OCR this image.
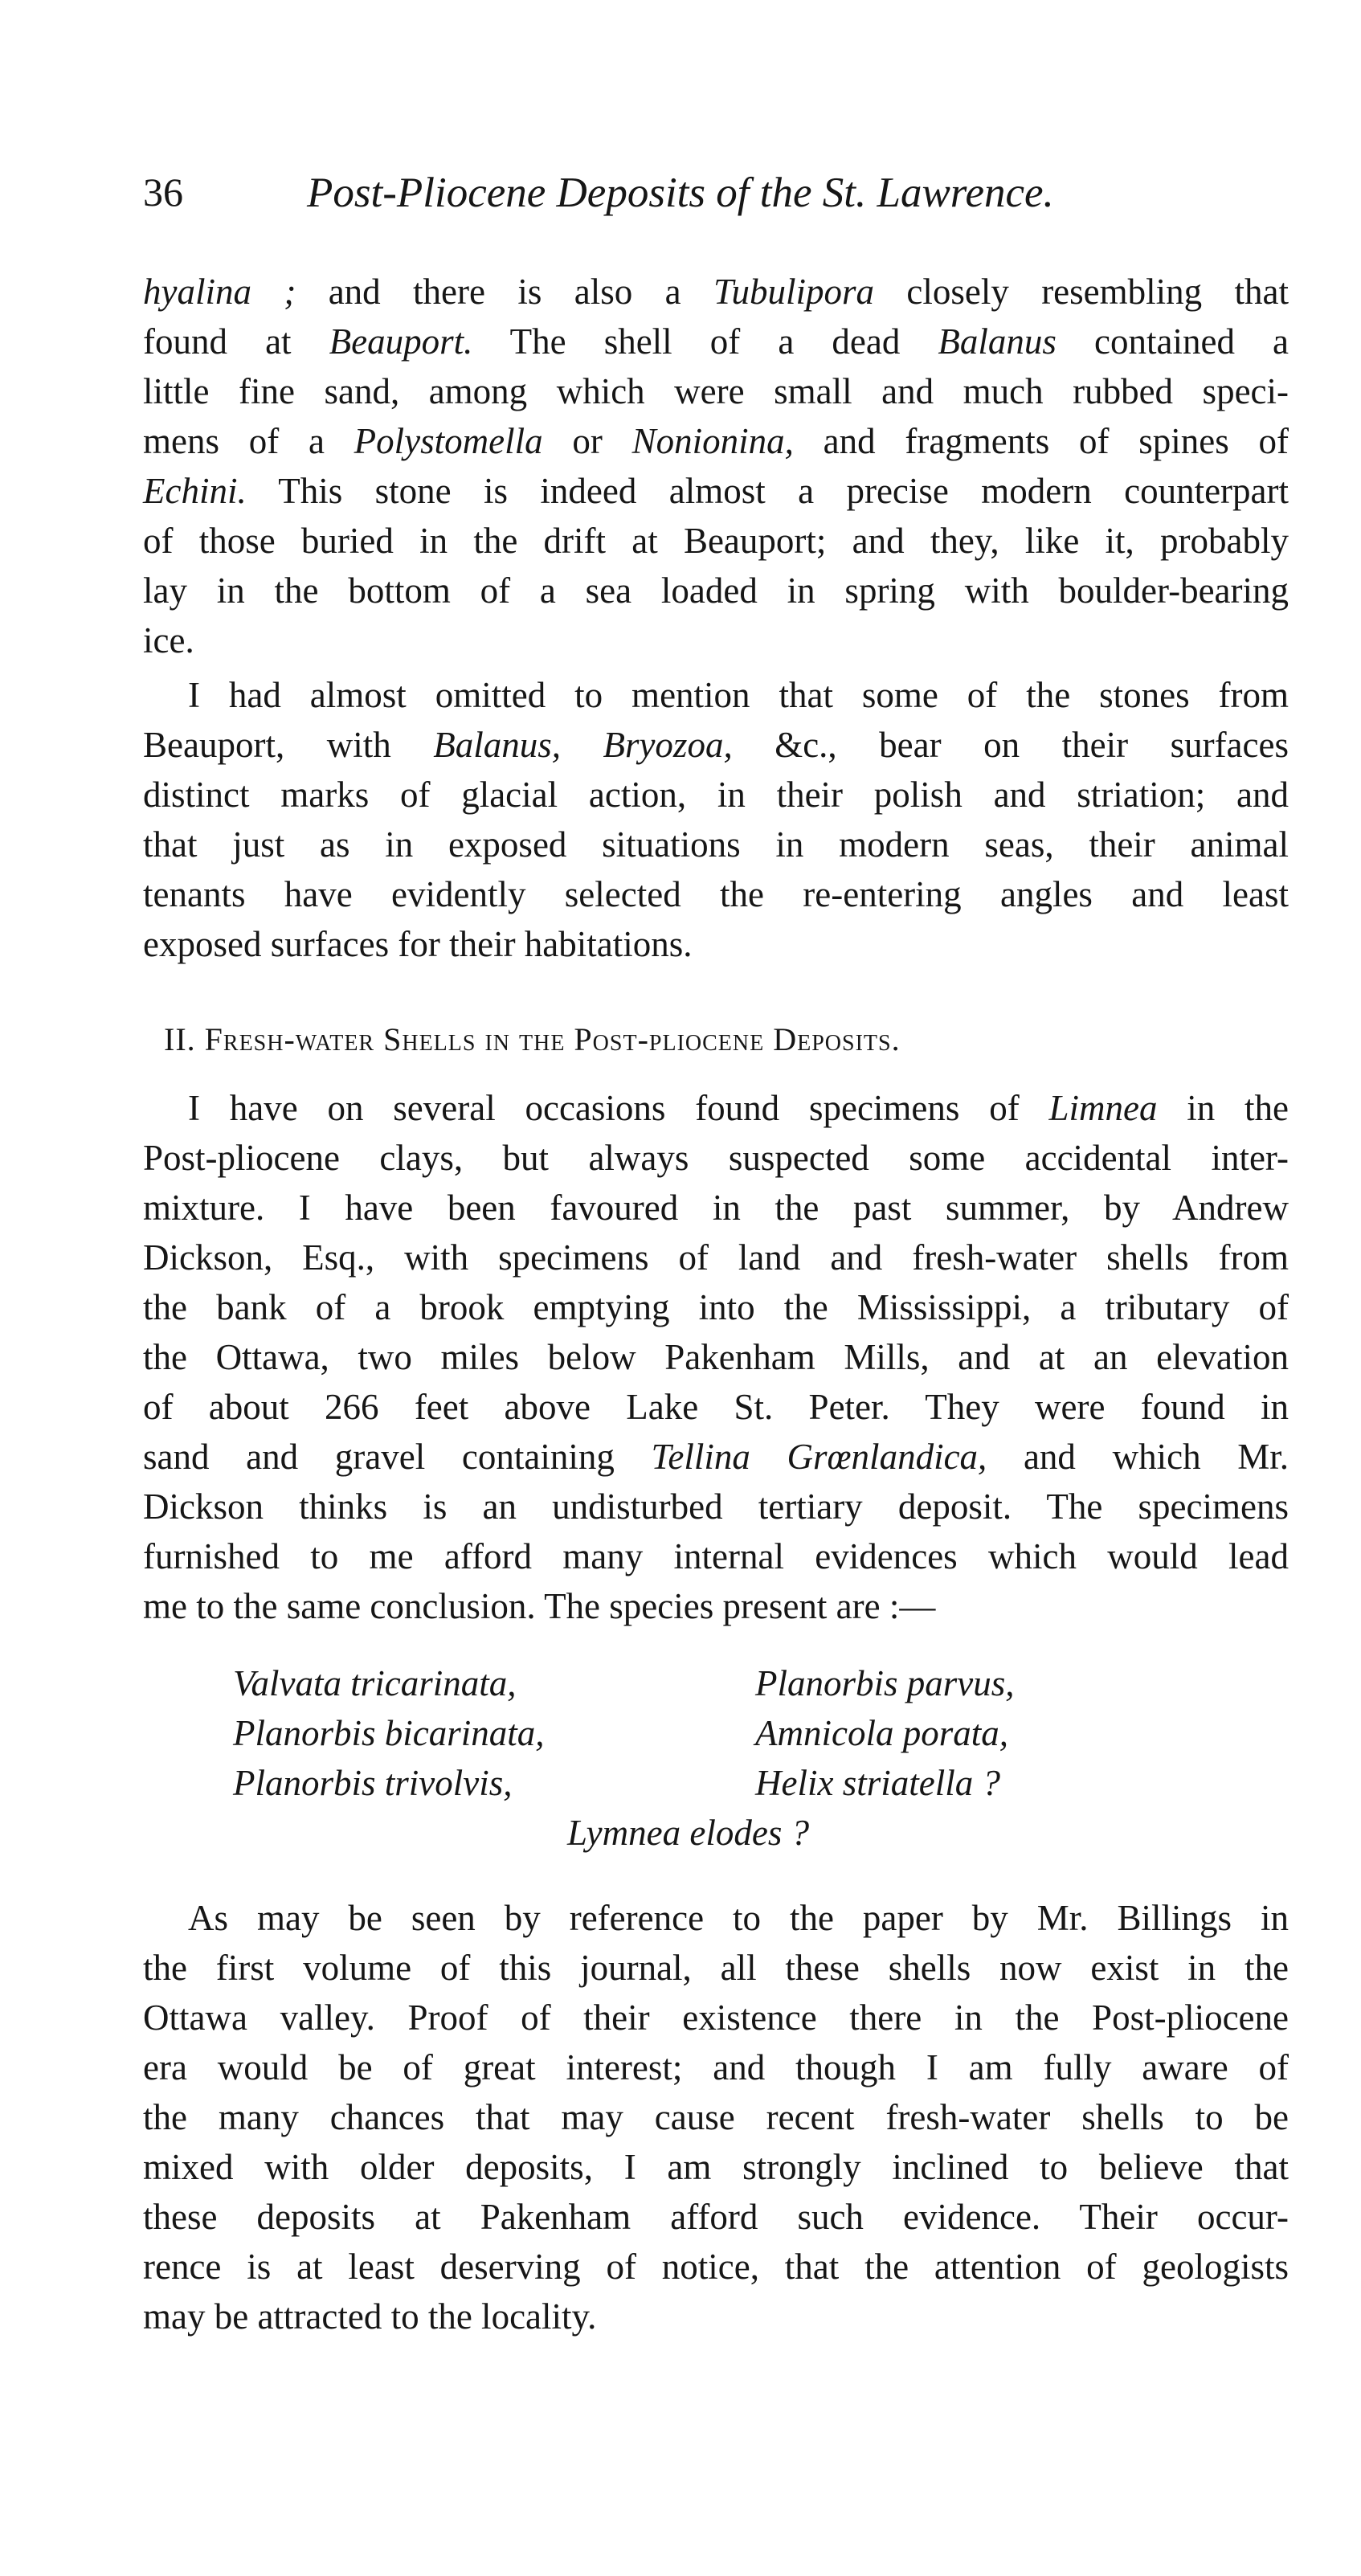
36	Post-Pliocene Deposits of the St. Lawrence.
hyalina ; and there is also a Tubulipora closely resembling that
found at Beauport. The shell of a dead Balanus contained a
little fine sand, among which were small and much rubbed speci-
mens of a Polystomella or Nonionina, and fragments of spines of
Echini. This stone is indeed almost a precise modern counterpart
of those buried in the drift at Beauport; and they, like it, probably
lay in the bottom of a sea loaded in spring with boulder-bearing
ice.
I had almost omitted to mention that some of the stones from
Beauport, with Balanus, Bryozoa, &c., bear on their surfaces
distinct marks of glacial action, in their polish and striation; and
that just as in exposed situations in modern seas, their animal
tenants have evidently selected the re-entering angles and least
exposed surfaces for their habitations.
II. Fresh-water Shells in the Post-pliocene Deposits.
I have on several occasions found specimens of Limnea in the
Post-pliocene clays, but always suspected some accidental inter-
mixture. I have been favoured in the past summer, by Andrew
Dickson, Esq., with specimens of land and fresh-water shells from
the bank of a brook emptying into the Mississippi, a tributary of
the Ottawa, two miles below Pakenham Mills, and at an elevation
of about 266 feet above Lake St. Peter. They were found in
sand and gravel containing Tellina Grœnlandica, and which Mr.
Dickson thinks is an undisturbed tertiary deposit. The specimens
furnished to me afford many internal evidences which would lead
me to the same conclusion. The species present are :—
Valvata tricarinata,
Planorbis bicarinata,
Planorbis trivolvis,
Planorbis parvus,
Amnicola porata,
Helix striatella ?
Lymnea elodes ?
As may be seen by reference to the paper by Mr. Billings in
the first volume of this journal, all these shells now exist in the
Ottawa valley. Proof of their existence there in the Post-pliocene
era would be of great interest; and though I am fully aware of
the many chances that may cause recent fresh-water shells to be
mixed with older deposits, I am strongly inclined to believe that
these deposits at Pakenham afford such evidence. Their occur-
rence is at least deserving of notice, that the attention of geologists
may be attracted to the locality.
